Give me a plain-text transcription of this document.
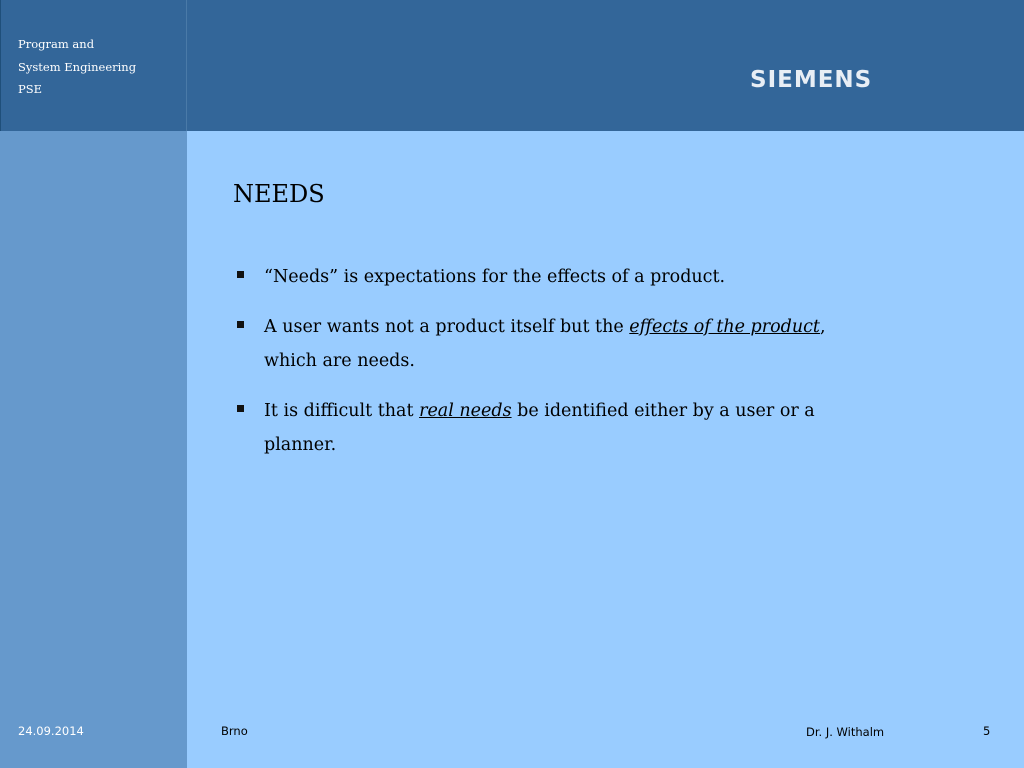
Program and
System Engineering
PSE	SIEMENS
NEEDS
“Needs” is expectations for the effects of a product.
A user wants not a product itself but the effects of the product, which are needs.
It is difficult that real needs be identified either by a user or a planner.
24.09.2014	Brno	Dr. J. Withalm	5
